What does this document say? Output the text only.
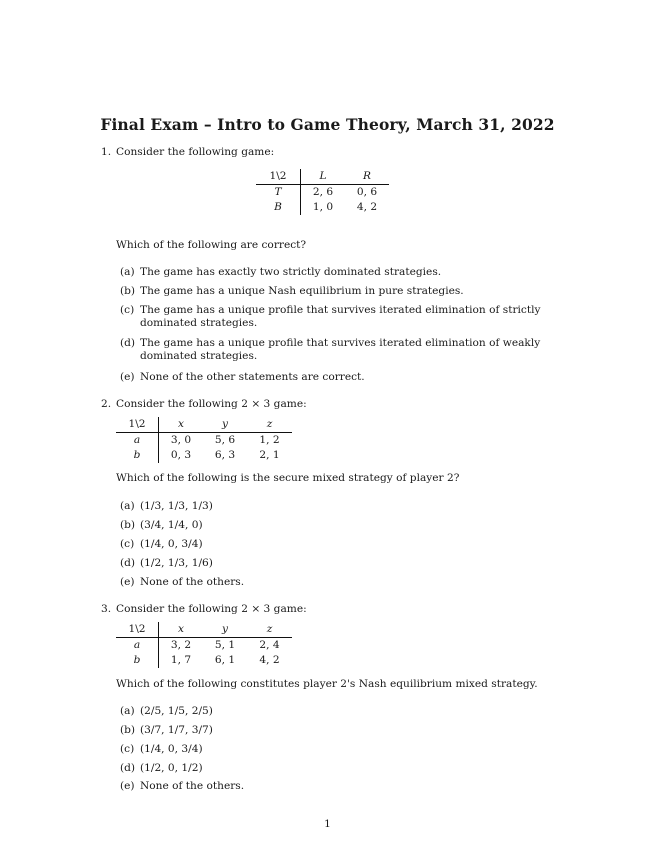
Final Exam – Intro to Game Theory, March 31, 2022
1. Consider the following game:
1\2	L	R
T	2, 6	0, 6
B	1, 0	4, 2
Which of the following are correct?
(a) The game has exactly two strictly dominated strategies.
(b) The game has a unique Nash equilibrium in pure strategies.
(c) The game has a unique profile that survives iterated elimination of strictly dominated strategies.
(d) The game has a unique profile that survives iterated elimination of weakly dominated strategies.
(e) None of the other statements are correct.
2. Consider the following 2 × 3 game:
1\2	x	y	z
a	3, 0	5, 6	1, 2
b	0, 3	6, 3	2, 1
Which of the following is the secure mixed strategy of player 2?
(a) (1/3, 1/3, 1/3)
(b) (3/4, 1/4, 0)
(c) (1/4, 0, 3/4)
(d) (1/2, 1/3, 1/6)
(e) None of the others.
3. Consider the following 2 × 3 game:
1\2	x	y	z
a	3, 2	5, 1	2, 4
b	1, 7	6, 1	4, 2
Which of the following constitutes player 2's Nash equilibrium mixed strategy.
(a) (2/5, 1/5, 2/5)
(b) (3/7, 1/7, 3/7)
(c) (1/4, 0, 3/4)
(d) (1/2, 0, 1/2)
(e) None of the others.
1
